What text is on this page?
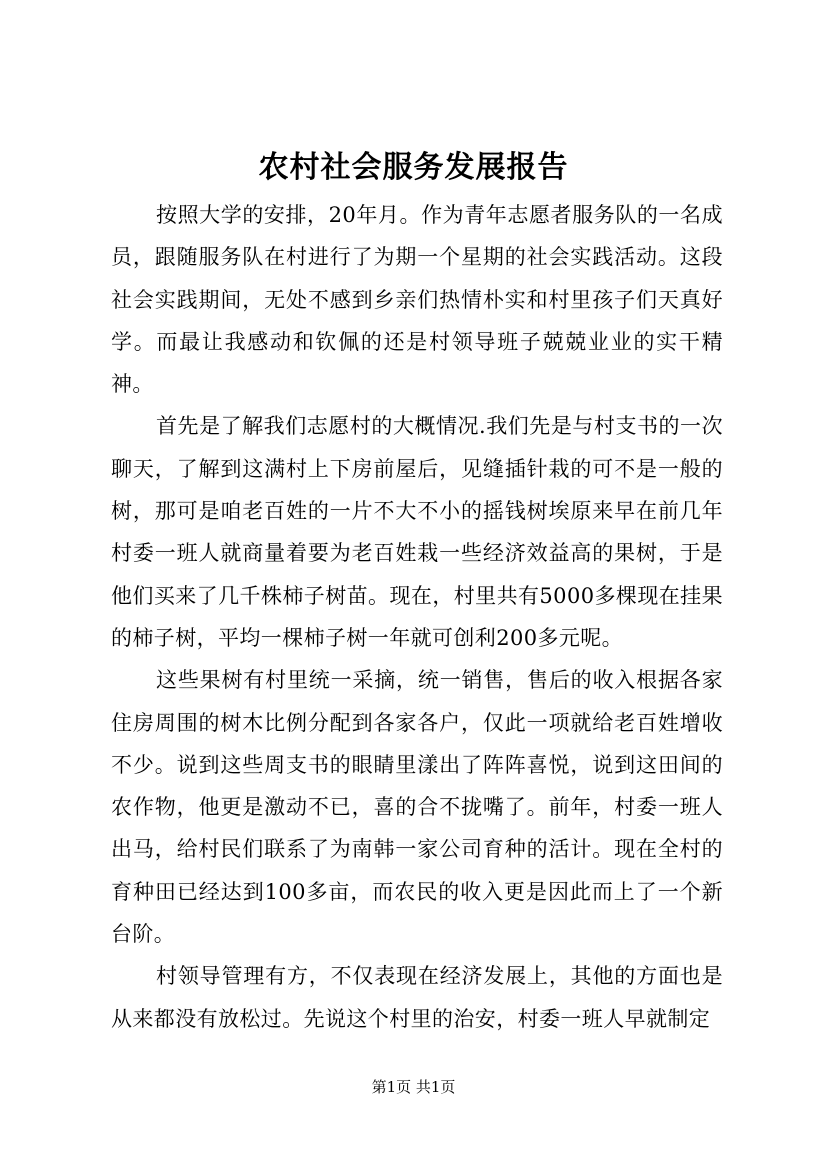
农村社会服务发展报告

按照大学的安排，20年月。作为青年志愿者服务队的一名成员，跟随服务队在村进行了为期一个星期的社会实践活动。这段社会实践期间，无处不感到乡亲们热情朴实和村里孩子们天真好学。而最让我感动和钦佩的还是村领导班子兢兢业业的实干精神。

首先是了解我们志愿村的大概情况.我们先是与村支书的一次聊天，了解到这满村上下房前屋后，见缝插针栽的可不是一般的树，那可是咱老百姓的一片不大不小的摇钱树埃原来早在前几年村委一班人就商量着要为老百姓栽一些经济效益高的果树，于是他们买来了几千株柿子树苗。现在，村里共有5000多棵现在挂果的柿子树，平均一棵柿子树一年就可创利200多元呢。

这些果树有村里统一采摘，统一销售，售后的收入根据各家住房周围的树木比例分配到各家各户，仅此一项就给老百姓增收不少。说到这些周支书的眼睛里漾出了阵阵喜悦，说到这田间的农作物，他更是激动不已，喜的合不拢嘴了。前年，村委一班人出马，给村民们联系了为南韩一家公司育种的活计。现在全村的育种田已经达到100多亩，而农民的收入更是因此而上了一个新台阶。

村领导管理有方，不仅表现在经济发展上，其他的方面也是从来都没有放松过。先说这个村里的治安，村委一班人早就制定

第1页 共1页
